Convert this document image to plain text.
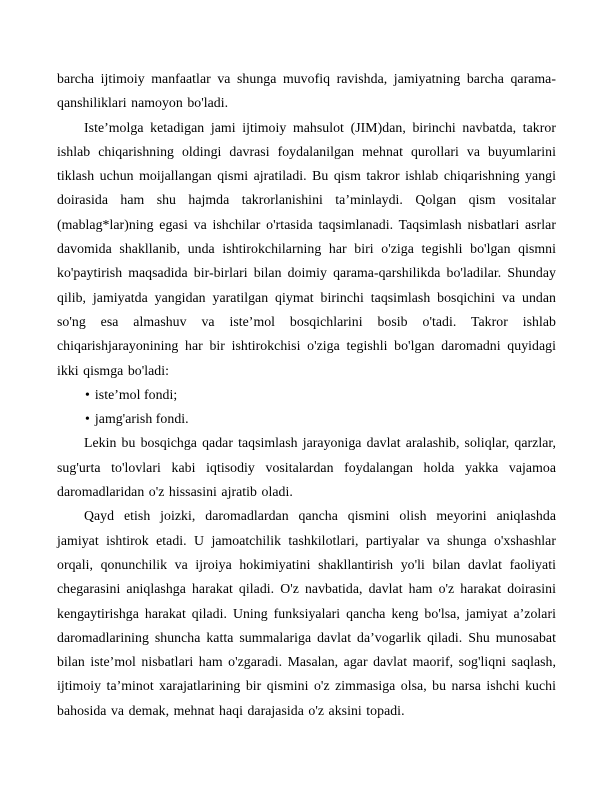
barcha ijtimoiy manfaatlar va shunga muvofiq ravishda, jamiyatning barcha qarama-qanshiliklari namoyon bo'ladi.

Iste’molga ketadigan jami ijtimoiy mahsulot (JIM)dan, birinchi navbatda, takror ishlab chiqarishning oldingi davrasi foydalanilgan mehnat qurollari va buyumlarini tiklash uchun moijallangan qismi ajratiladi. Bu qism takror ishlab chiqarishning yangi doirasida ham shu hajmda takrorlanishini ta’minlaydi. Qolgan qism vositalar (mablag*lar)ning egasi va ishchilar o'rtasida taqsimlanadi. Taqsimlash nisbatlari asrlar davomida shakllanib, unda ishtirokchilarning har biri o'ziga tegishli bo'lgan qismni ko'paytirish maqsadida bir-birlari bilan doimiy qarama-qarshilikda bo'ladilar. Shunday qilib, jamiyatda yangidan yaratilgan qiymat birinchi taqsimlash bosqichini va undan so'ng esa almashuv va iste’mol bosqichlarini bosib o'tadi. Takror ishlab chiqarishjarayonining har bir ishtirokchisi o'ziga tegishli bo'lgan daromadni quyidagi ikki qismga bo'ladi:

• iste’mol fondi;

• jamg'arish fondi.

Lekin bu bosqichga qadar taqsimlash jarayoniga davlat aralashib, soliqlar, qarzlar, sug'urta to'lovlari kabi iqtisodiy vositalardan foydalangan holda yakka vajamoa daromadlaridan o'z hissasini ajratib oladi.

Qayd etish joizki, daromadlardan qancha qismini olish meyorini aniqlashda jamiyat ishtirok etadi. U jamoatchilik tashkilotlari, partiyalar va shunga o'xshashlar orqali, qonunchilik va ijroiya hokimiyatini shakllantirish yo'li bilan davlat faoliyati chegarasini aniqlashga harakat qiladi. O'z navbatida, davlat ham o'z harakat doirasini kengaytirishga harakat qiladi. Uning funksiyalari qancha keng bo'lsa, jamiyat a’zolari daromadlarining shuncha katta summalariga davlat da’vogarlik qiladi. Shu munosabat bilan iste’mol nisbatlari ham o'zgaradi. Masalan, agar davlat maorif, sog'liqni saqlash, ijtimoiy ta’minot xarajatlarining bir qismini o'z zimmasiga olsa, bu narsa ishchi kuchi bahosida va demak, mehnat haqi darajasida o'z aksini topadi.
